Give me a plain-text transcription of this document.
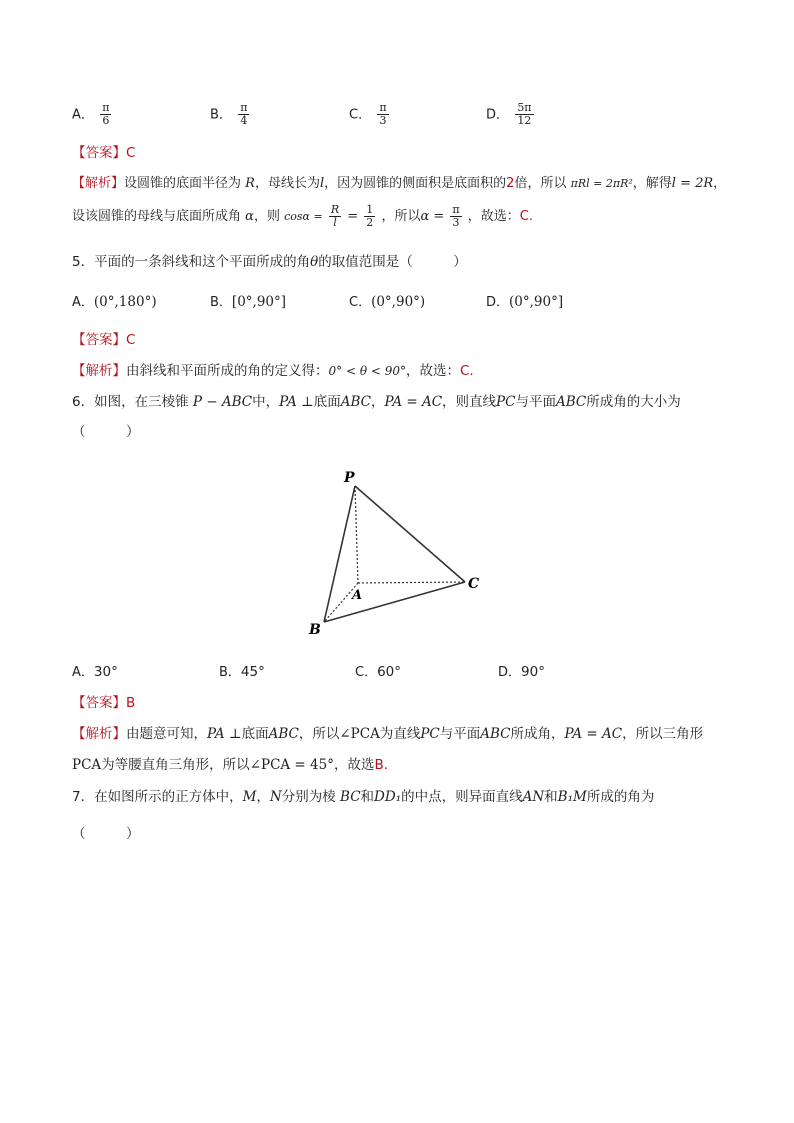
A． $\frac{\pi}{6}$	B． $\frac{\pi}{4}$	C． $\frac{\pi}{3}$	D． $\frac{5\pi}{12}$
【答案】C
【解析】设圆锥的底面半径为 R，母线长为l，因为圆锥的侧面积是底面积的2倍，所以 πRl = 2πR²，解得l = 2R，
设该圆锥的母线与底面所成角 α，则 $\cos\alpha = \frac{R}{l} = \frac{1}{2}$ ，所以$\alpha = \frac{\pi}{3}$ ，故选：C.
5．平面的一条斜线和这个平面所成的角θ的取值范围是（　　　）
A．(0°,180°)	B．[0°,90°]	C．(0°,90°)	D．(0°,90°]
【答案】C
【解析】由斜线和平面所成的角的定义得：0° < θ < 90°，故选：C.
6．如图，在三棱锥 P − ABC中，PA ⊥底面ABC，PA = AC，则直线PC与平面ABC所成角的大小为
（　　　）
P
A
B
C
A．30°	B．45°	C．60°	D．90°
【答案】B
【解析】由题意可知，PA ⊥底面ABC，所以∠PCA为直线PC与平面ABC所成角，PA = AC，所以三角形
PCA为等腰直角三角形，所以∠PCA = 45°，故选B.
7．在如图所示的正方体中，M，N分别为棱 BC和DD₁的中点，则异面直线AN和B₁M所成的角为
（　　　）
